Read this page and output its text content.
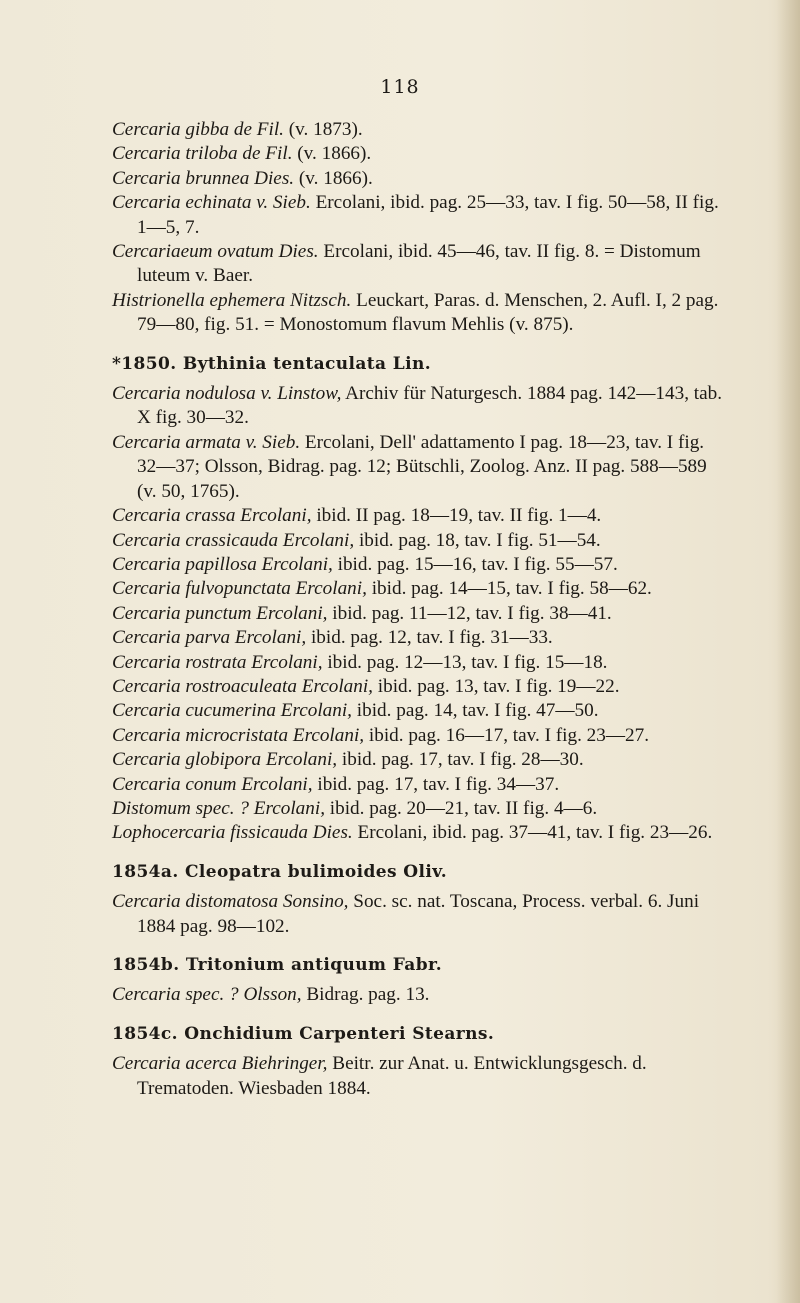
118

Cercaria gibba de Fil. (v. 1873).

Cercaria triloba de Fil. (v. 1866).

Cercaria brunnea Dies. (v. 1866).

Cercaria echinata v. Sieb. Ercolani, ibid. pag. 25—33, tav. I fig. 50—58, II fig. 1—5, 7.

Cercariaeum ovatum Dies. Ercolani, ibid. 45—46, tav. II fig. 8. = Distomum luteum v. Baer.

Histrionella ephemera Nitzsch. Leuckart, Paras. d. Menschen, 2. Aufl. I, 2 pag. 79—80, fig. 51. = Monostomum flavum Mehlis (v. 875).

*1850. Bythinia tentaculata Lin.

Cercaria nodulosa v. Linstow, Archiv für Naturgesch. 1884 pag. 142—143, tab. X fig. 30—32.

Cercaria armata v. Sieb. Ercolani, Dell' adattamento I pag. 18—23, tav. I fig. 32—37; Olsson, Bidrag. pag. 12; Bütschli, Zoolog. Anz. II pag. 588—589 (v. 50, 1765).

Cercaria crassa Ercolani, ibid. II pag. 18—19, tav. II fig. 1—4.

Cercaria crassicauda Ercolani, ibid. pag. 18, tav. I fig. 51—54.

Cercaria papillosa Ercolani, ibid. pag. 15—16, tav. I fig. 55—57.

Cercaria fulvopunctata Ercolani, ibid. pag. 14—15, tav. I fig. 58—62.

Cercaria punctum Ercolani, ibid. pag. 11—12, tav. I fig. 38—41.

Cercaria parva Ercolani, ibid. pag. 12, tav. I fig. 31—33.

Cercaria rostrata Ercolani, ibid. pag. 12—13, tav. I fig. 15—18.

Cercaria rostroaculeata Ercolani, ibid. pag. 13, tav. I fig. 19—22.

Cercaria cucumerina Ercolani, ibid. pag. 14, tav. I fig. 47—50.

Cercaria microcristata Ercolani, ibid. pag. 16—17, tav. I fig. 23—27.

Cercaria globipora Ercolani, ibid. pag. 17, tav. I fig. 28—30.

Cercaria conum Ercolani, ibid. pag. 17, tav. I fig. 34—37.

Distomum spec. ? Ercolani, ibid. pag. 20—21, tav. II fig. 4—6.

Lophocercaria fissicauda Dies. Ercolani, ibid. pag. 37—41, tav. I fig. 23—26.

1854a. Cleopatra bulimoides Oliv.

Cercaria distomatosa Sonsino, Soc. sc. nat. Toscana, Process. verbal. 6. Juni 1884 pag. 98—102.

1854b. Tritonium antiquum Fabr.

Cercaria spec. ? Olsson, Bidrag. pag. 13.

1854c. Onchidium Carpenteri Stearns.

Cercaria acerca Biehringer, Beitr. zur Anat. u. Entwicklungsgesch. d. Trematoden. Wiesbaden 1884.
